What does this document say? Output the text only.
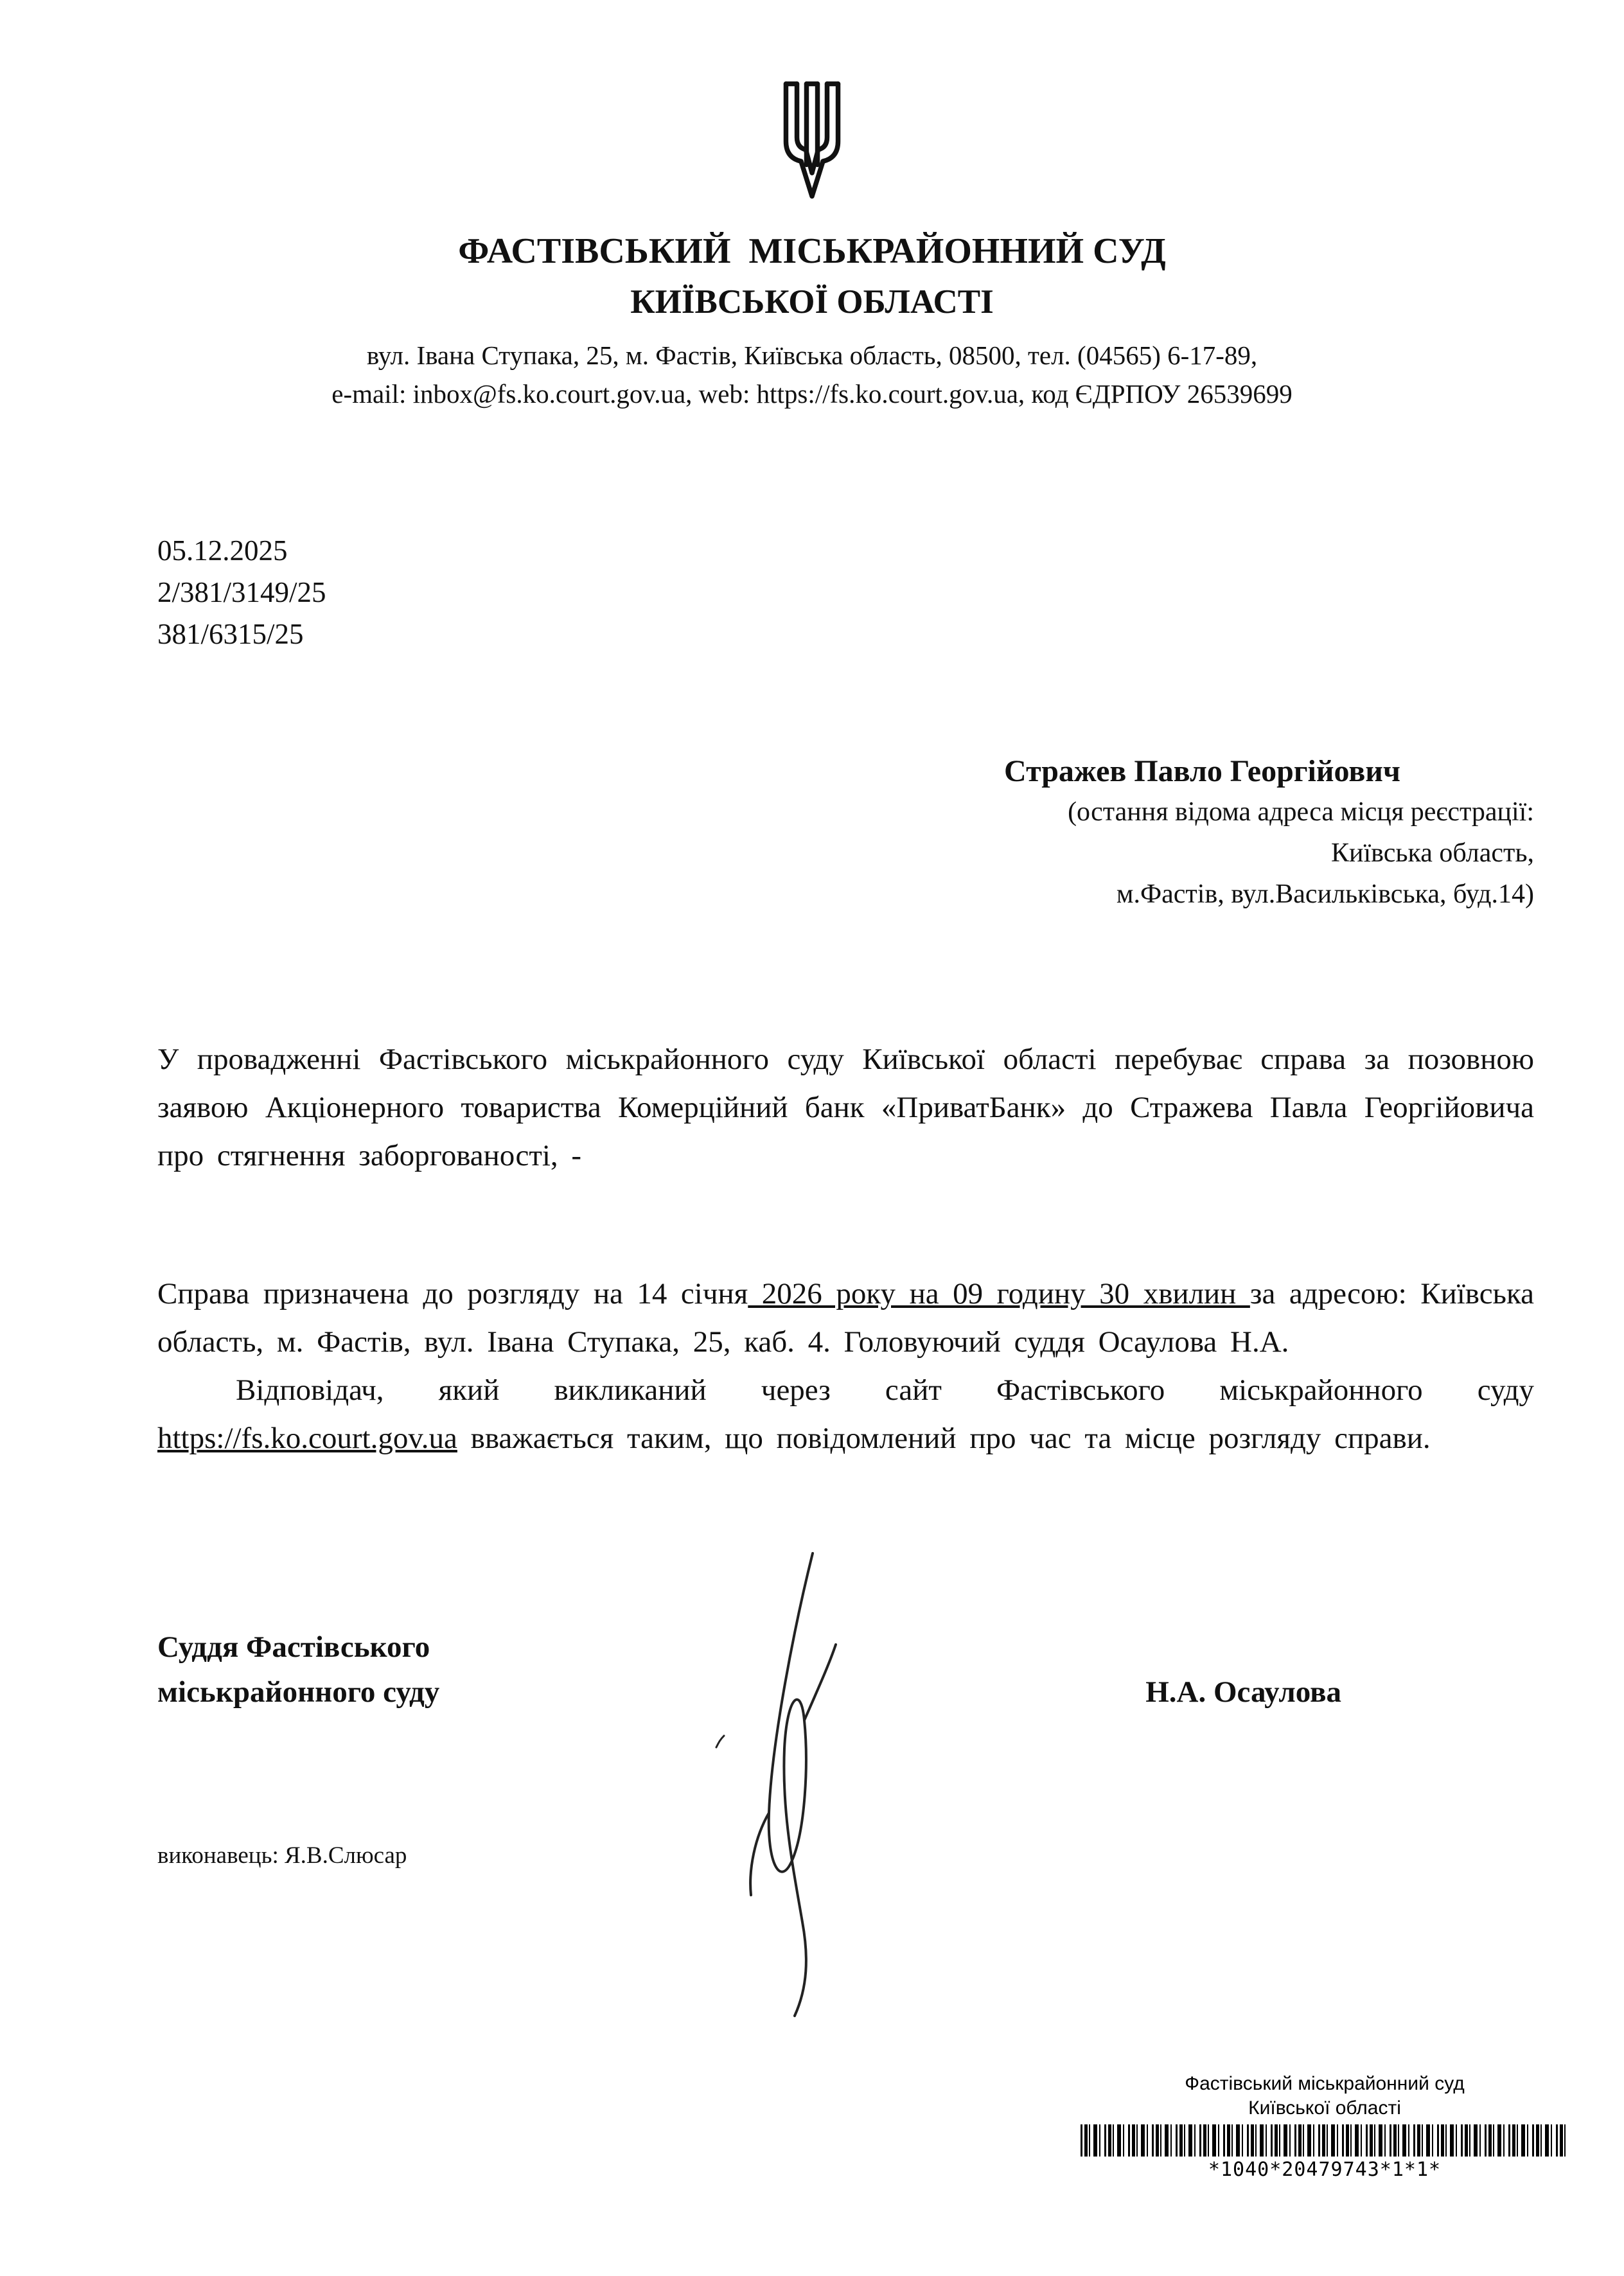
ФАСТІВСЬКИЙ  МІСЬКРАЙОННИЙ СУД
КИЇВСЬКОЇ ОБЛАСТІ
вул. Івана Ступака, 25, м. Фастів, Київська область, 08500, тел. (04565) 6-17-89,
e-mail: inbox@fs.ko.court.gov.ua, web: https://fs.ko.court.gov.ua, код ЄДРПОУ 26539699
05.12.2025
2/381/3149/25
381/6315/25
Стражев Павло Георгійович
(остання відома адреса місця реєстрації:
Київська область,
м.Фастів, вул.Васильківська, буд.14)

У провадженні Фастівського міськрайонного суду Київської області перебуває справа за позовною заявою Акціонерного товариства Комерційний банк «ПриватБанк» до Стражева Павла Георгійовича про стягнення заборгованості, -

Справа призначена до розгляду на 14 січня 2026 року на 09 годину 30 хвилин за адресою: Київська область, м. Фастів, вул. Івана Ступака, 25, каб. 4. Головуючий суддя Осаулова Н.А.

Відповідач, який викликаний через сайт Фастівського міськрайонного суду https://fs.ko.court.gov.ua вважається таким, що повідомлений про час та місце розгляду справи.

Суддя Фастівського
міськрайонного суду	Н.А. Осаулова
виконавець: Я.В.Слюсар
Фастівський міськрайонний суд
Київської області
*1040*20479743*1*1*
